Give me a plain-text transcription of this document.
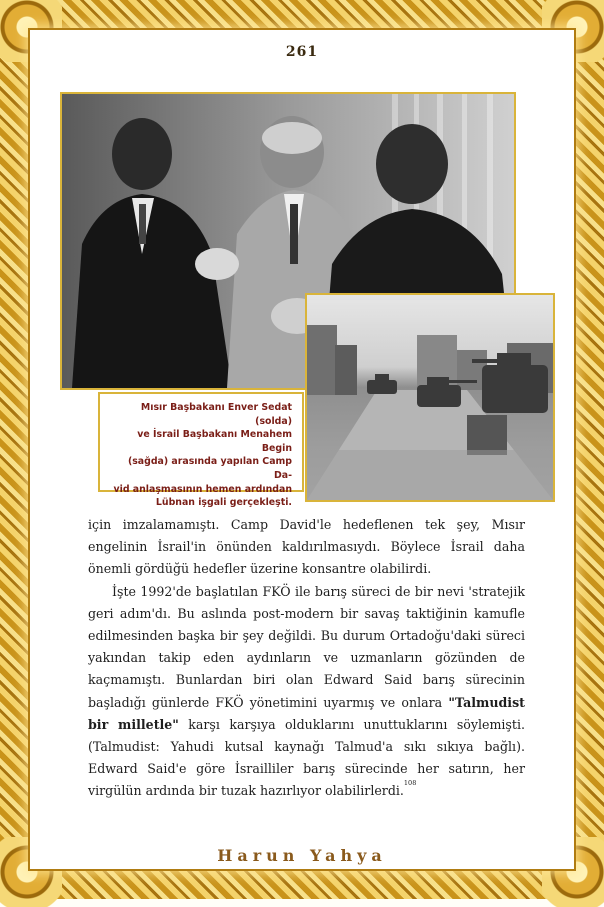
261
Mısır Başbakanı Enver Sedat (solda)
ve İsrail Başbakanı Menahem Begin
(sağda) arasında yapılan Camp Da-
vid anlaşmasının hemen ardından
Lübnan işgali gerçekleşti.

için imzalamamıştı. Camp David'le hedeflenen tek şey, Mısır engelinin İsrail'in önünden kaldırılmasıydı. Böylece İsrail daha önemli gördüğü hedefler üzerine konsantre olabilirdi.

İşte 1992'de başlatılan FKÖ ile barış süreci de bir nevi 'stratejik geri adım'dı. Bu aslında post-modern bir savaş taktiğinin kamufle edilmesinden başka bir şey değildi. Bu durum Ortadoğu'daki süreci yakından takip eden aydınların ve uzmanların gözünden de kaçmamıştı. Bunlardan biri olan Edward Said barış sürecinin başladığı günlerde FKÖ yönetimini uyarmış ve onlara "Talmudist bir milletle" karşı karşıya olduklarını unuttuklarını söylemişti. (Talmudist: Yahudi kutsal kaynağı Talmud'a sıkı sıkıya bağlı). Edward Said'e göre İsrailliler barış sürecinde her satırın, her virgülün ardında bir tuzak hazırlıyor olabilirlerdi.$^{108}$

Harun Yahya
